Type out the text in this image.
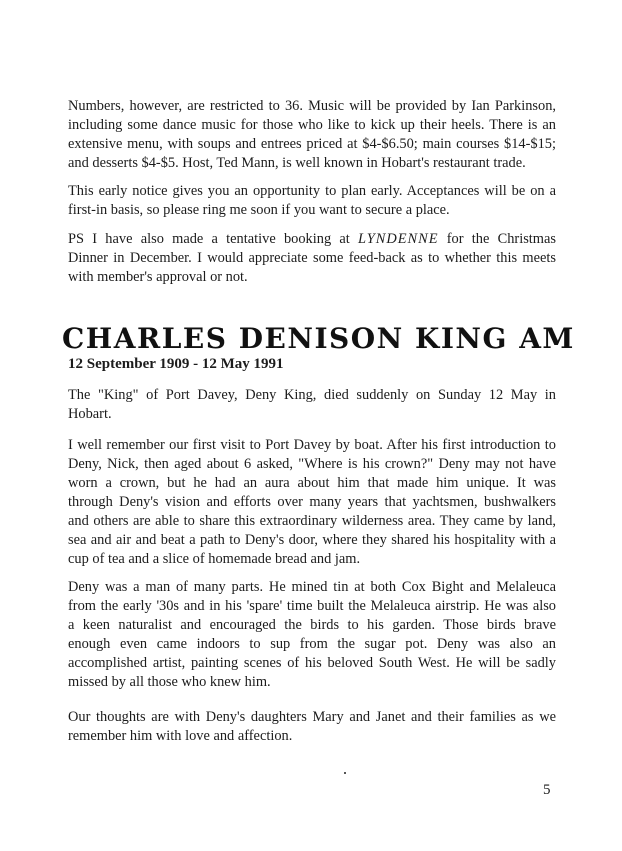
Numbers, however, are restricted to 36. Music will be provided by Ian Parkinson,
including some dance music for those who like to kick up their heels. There is an
extensive menu, with soups and entrees priced at $4-$6.50; main courses $14-$15;
and desserts $4-$5. Host, Ted Mann, is well known in Hobart's restaurant trade.
This early notice gives you an opportunity to plan early. Acceptances will be on a
first-in basis, so please ring me soon if you want to secure a place.
PS I have also made a tentative booking at LYNDENNE for the Christmas
Dinner in December. I would appreciate some feed-back as to whether this meets
with member's approval or not.
CHARLES DENISON KING AM
12 September 1909 - 12 May 1991
The "King" of Port Davey, Deny King, died suddenly on Sunday 12 May in
Hobart.
I well remember our first visit to Port Davey by boat. After his first introduction to
Deny, Nick, then aged about 6 asked, "Where is his crown?" Deny may not have
worn a crown, but he had an aura about him that made him unique. It was
through Deny's vision and efforts over many years that yachtsmen, bushwalkers
and others are able to share this extraordinary wilderness area. They came by land,
sea and air and beat a path to Deny's door, where they shared his hospitality with a
cup of tea and a slice of homemade bread and jam.
Deny was a man of many parts. He mined tin at both Cox Bight and Melaleuca
from the early '30s and in his 'spare' time built the Melaleuca airstrip. He was also
a keen naturalist and encouraged the birds to his garden. Those birds brave
enough even came indoors to sup from the sugar pot. Deny was also an
accomplished artist, painting scenes of his beloved South West. He will be sadly
missed by all those who knew him.
Our thoughts are with Deny's daughters Mary and Janet and their families as we
remember him with love and affection.
5
